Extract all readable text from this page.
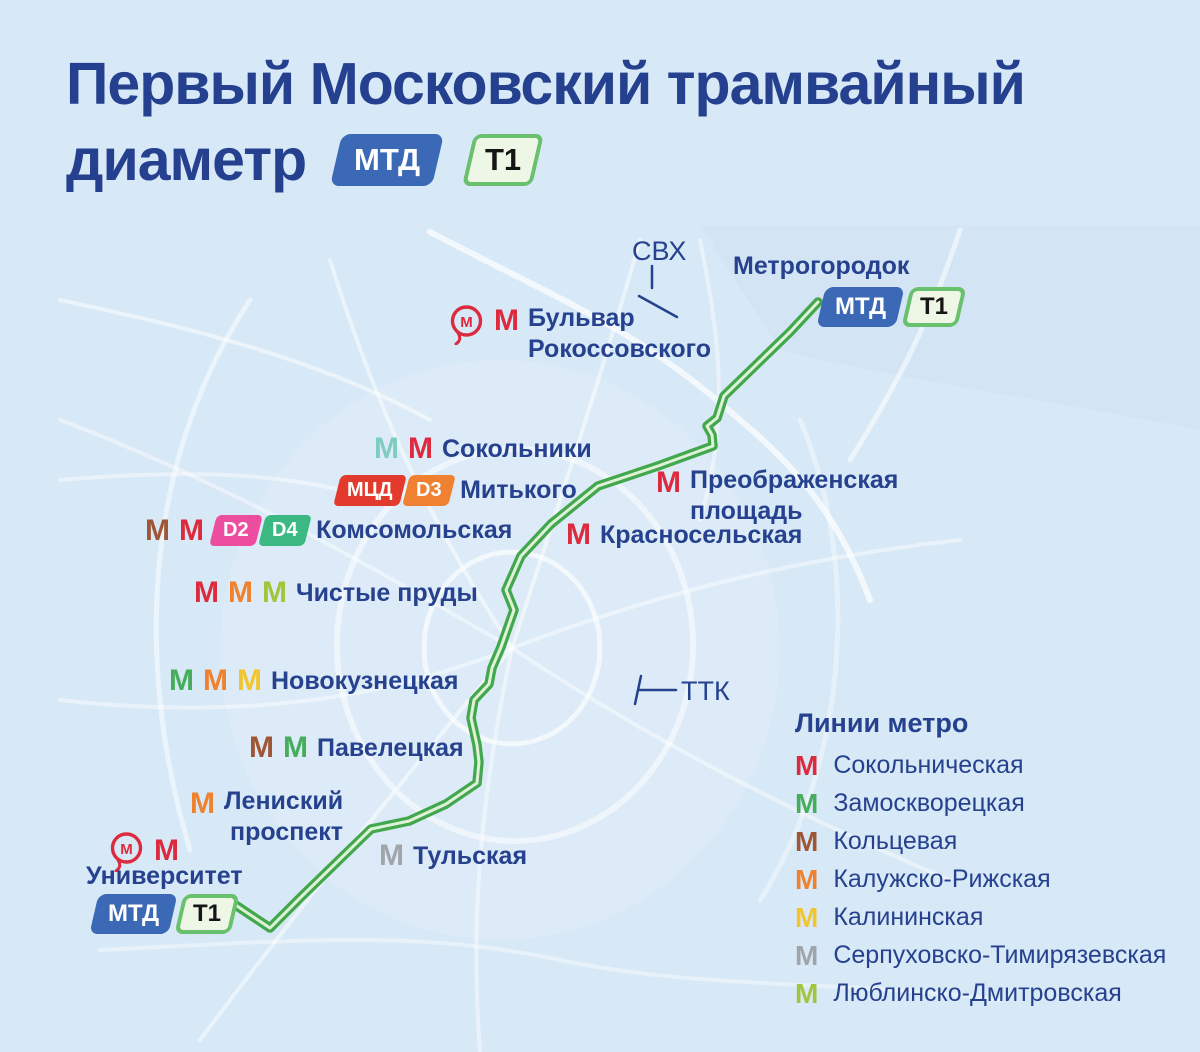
Первый Московский трамвайный
диаметр	МТД	Т1
СВХ
ТТК
Метрогородок
МТД	Т1
М М Бульвар
Рокоссовского
М М Сокольники
МЦД	D3 Митького
М М D2	D4 Комсомольская
М М М Чистые пруды
М М М Новокузнецкая
М М Павелецкая
М Лениский
проспект
М Тульская
М М
Университет
МТД	Т1
М Преображенская
площадь
М Красносельская
Линии метро
М Сокольническая
М Замоскворецкая
М Кольцевая
М Калужско-Рижская
М Калининская
М Серпуховско-Тимирязевская
М Люблинско-Дмитровская
